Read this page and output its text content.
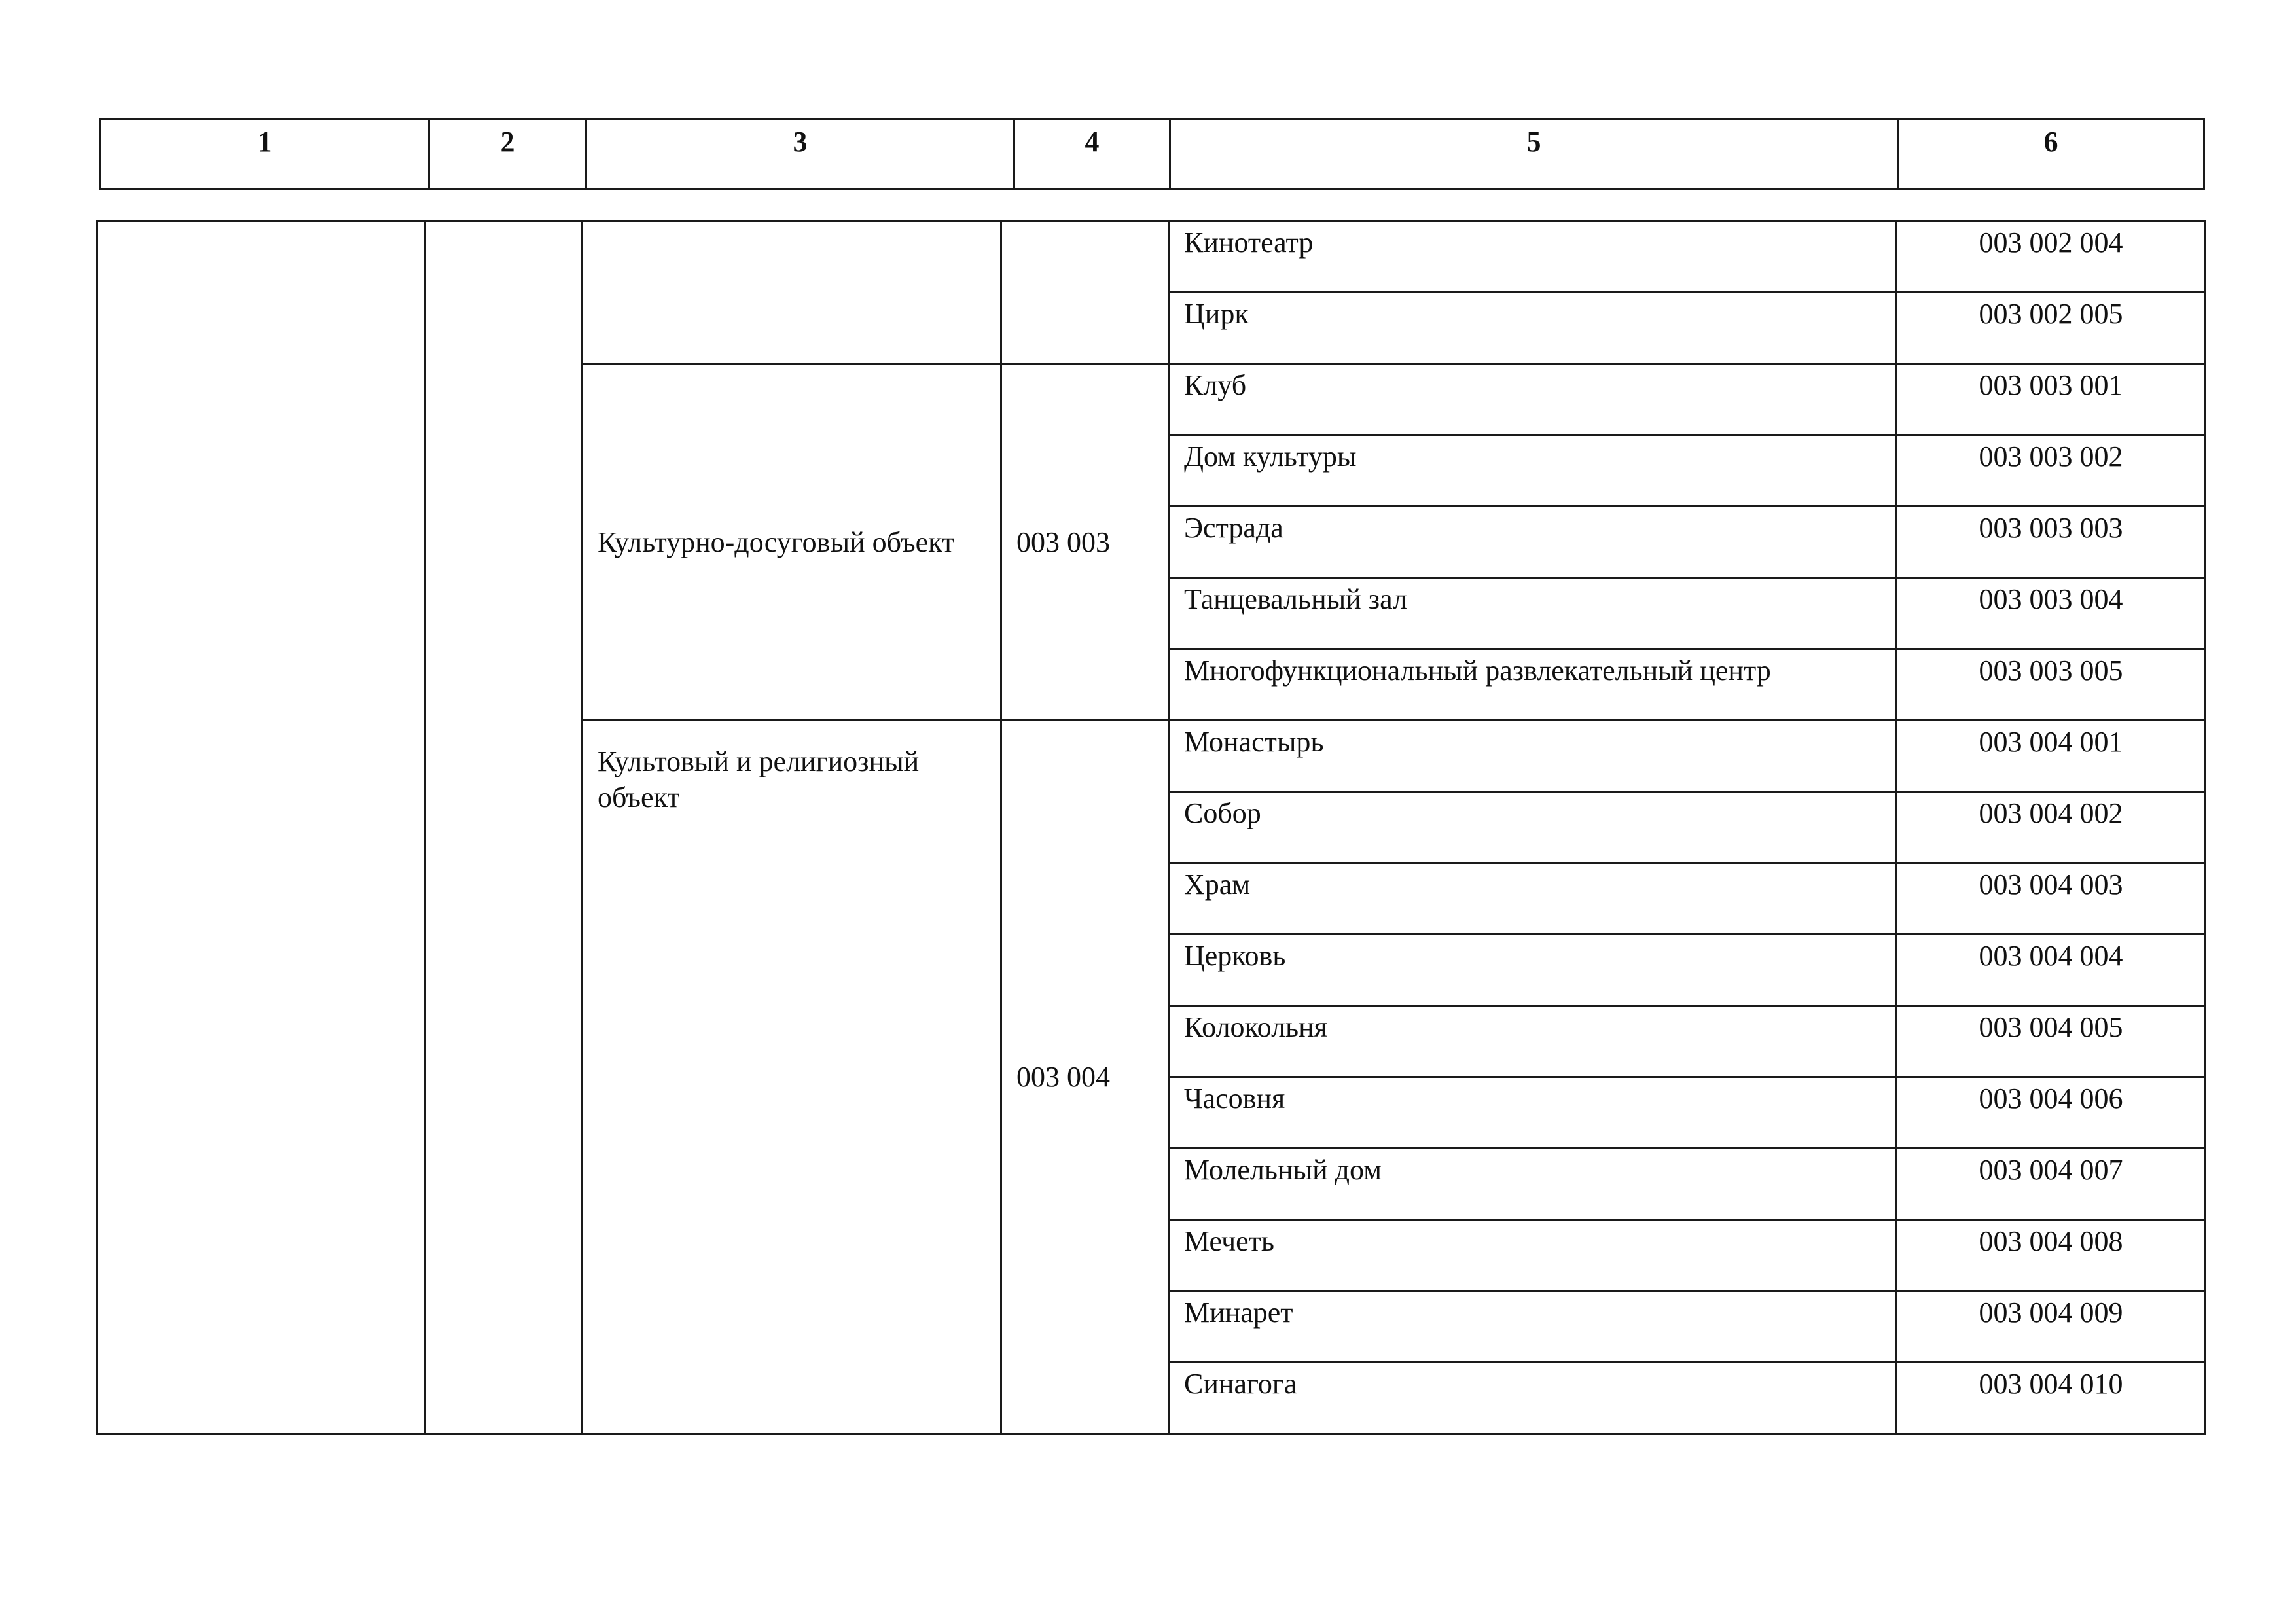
1	2	3	4	5	6
				Кинотеатр	003 002 004
				Цирк	003 002 005
		Культурно-досуговый объект	003 003	Клуб	003 003 001
				Дом культуры	003 003 002
				Эстрада	003 003 003
				Танцевальный зал	003 003 004
				Многофункциональный развлекательный центр	003 003 005
		Культовый и религиозный объект	003 004	Монастырь	003 004 001
				Собор	003 004 002
				Храм	003 004 003
				Церковь	003 004 004
				Колокольня	003 004 005
				Часовня	003 004 006
				Молельный дом	003 004 007
				Мечеть	003 004 008
				Минарет	003 004 009
				Синагога	003 004 010
